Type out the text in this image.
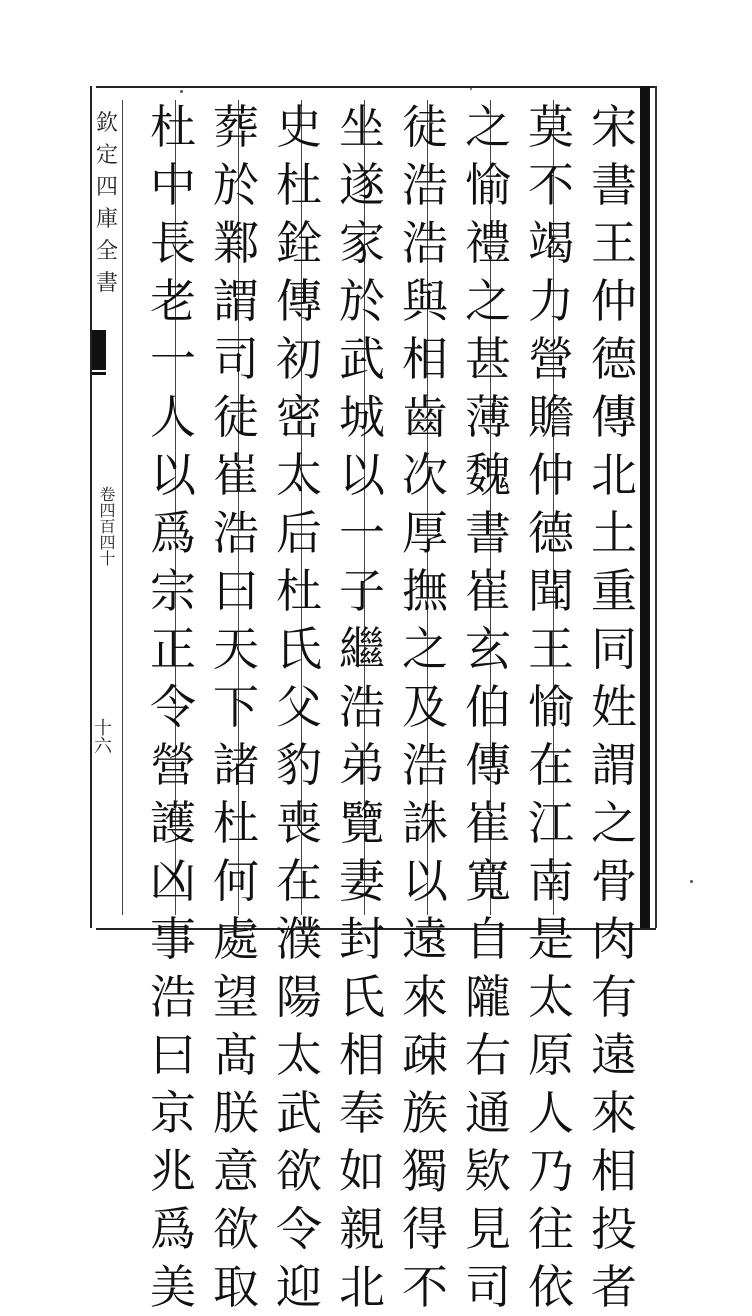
欽
定
四
庫
全
書
卷四百四十
十六
宋
書
王
仲
德
傳
北
土
重
同
姓
謂
之
骨
肉
有
遠
來
相
投
者
莫
不
竭
力
營
贍
仲
德
聞
王
愉
在
江
南
是
太
原
人
乃
往
依
之
愉
禮
之
甚
薄
魏
書
崔
玄
伯
傳
崔
寬
自
隴
右
通
欵
見
司
徒
浩
浩
與
相
齒
次
厚
撫
之
及
浩
誅
以
遠
來
疎
族
獨
得
不
坐
遂
家
於
武
城
以
一
子
繼
浩
弟
覽
妻
封
氏
相
奉
如
親
北
史
杜
銓
傳
初
密
太
后
杜
氏
父
豹
喪
在
濮
陽
太
武
欲
令
迎
葬
於
鄴
謂
司
徒
崔
浩
曰
天
下
諸
杜
何
處
望
髙
朕
意
欲
取
杜
中
長
老
一
人
以
爲
宗
正
令
營
護
凶
事
浩
曰
京
兆
爲
美
